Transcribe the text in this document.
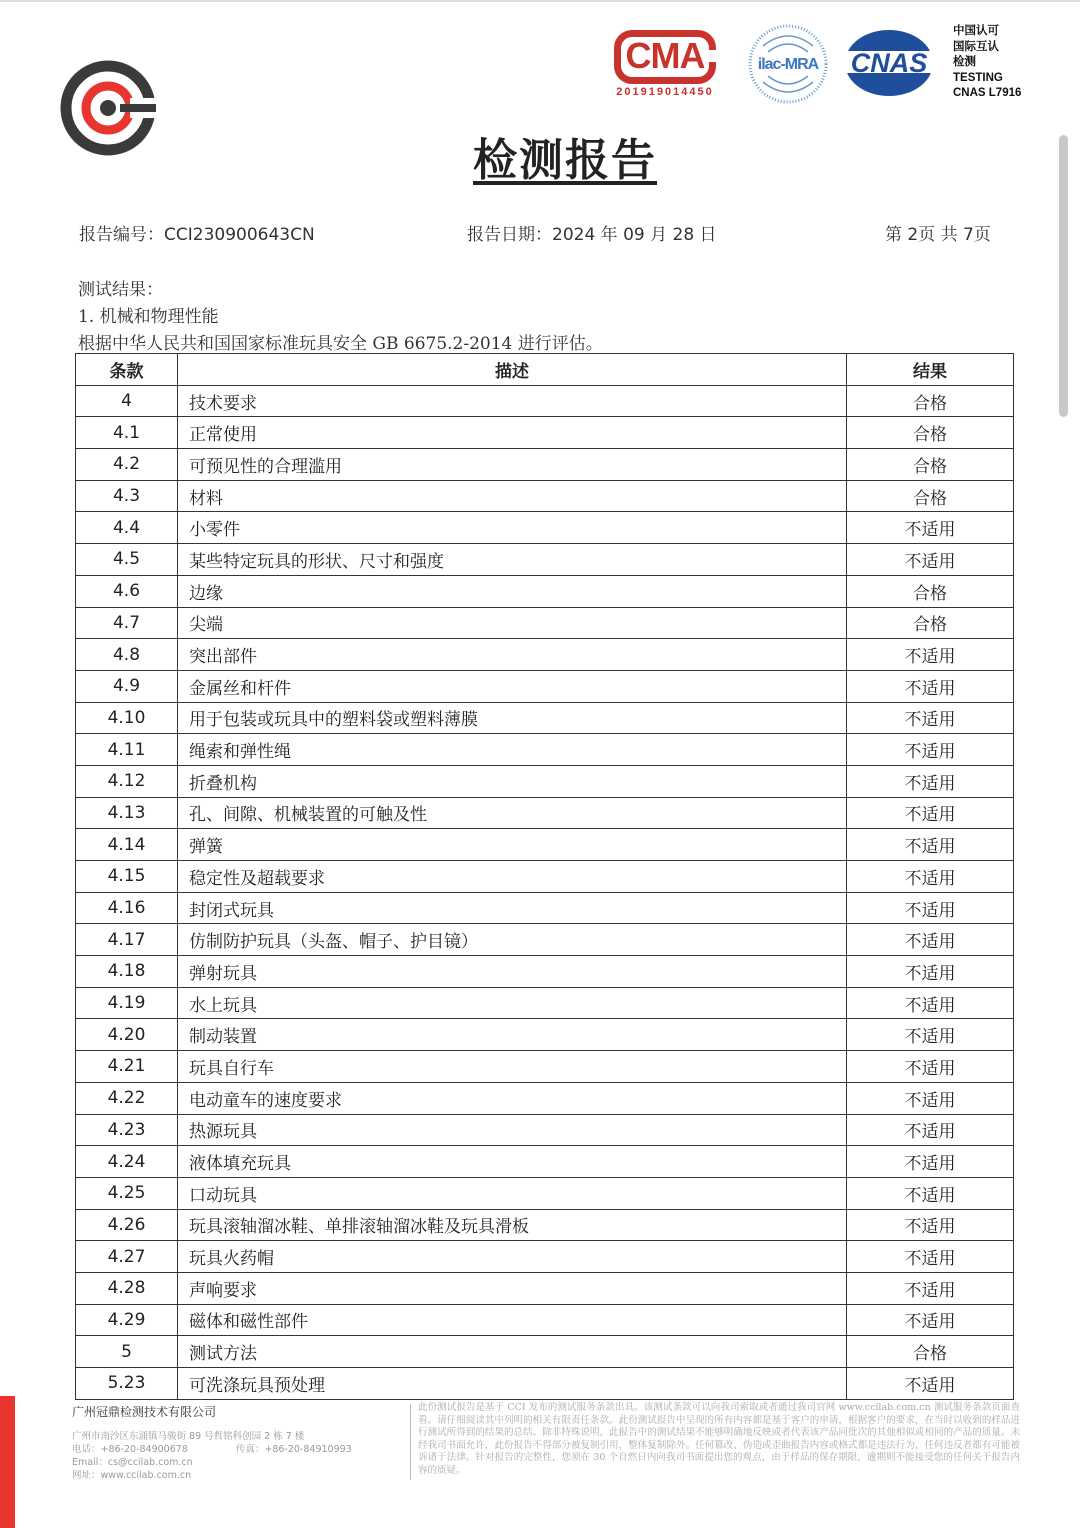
CMA
201919014450
ilac-MRA CNAS
中国认可
国际互认
检测
TESTING
CNAS L7916
检测报告
报告编号：CCI230900643CN	报告日期：2024 年 09 月 28 日	第 2页 共 7页
测试结果：
1. 机械和物理性能
根据中华人民共和国国家标准玩具安全 GB 6675.2-2014 进行评估。
条款	描述	结果
4	技术要求	合格
4.1	正常使用	合格
4.2	可预见性的合理滥用	合格
4.3	材料	合格
4.4	小零件	不适用
4.5	某些特定玩具的形状、尺寸和强度	不适用
4.6	边缘	合格
4.7	尖端	合格
4.8	突出部件	不适用
4.9	金属丝和杆件	不适用
4.10	用于包装或玩具中的塑料袋或塑料薄膜	不适用
4.11	绳索和弹性绳	不适用
4.12	折叠机构	不适用
4.13	孔、间隙、机械装置的可触及性	不适用
4.14	弹簧	不适用
4.15	稳定性及超载要求	不适用
4.16	封闭式玩具	不适用
4.17	仿制防护玩具（头盔、帽子、护目镜）	不适用
4.18	弹射玩具	不适用
4.19	水上玩具	不适用
4.20	制动装置	不适用
4.21	玩具自行车	不适用
4.22	电动童车的速度要求	不适用
4.23	热源玩具	不适用
4.24	液体填充玩具	不适用
4.25	口动玩具	不适用
4.26	玩具滚轴溜冰鞋、单排滚轴溜冰鞋及玩具滑板	不适用
4.27	玩具火药帽	不适用
4.28	声响要求	不适用
4.29	磁体和磁性部件	不适用
5	测试方法	合格
5.23	可洗涤玩具预处理	不适用
广州冠鼎检测技术有限公司
广州市南沙区东涌镇马骏街 89 号哲铭科创园 2 栋 7 楼
电话：+86-20-84900678	传真：+86-20-84910993
Email：cs@ccilab.com.cn
网址：www.ccilab.com.cn
此份测试报告是基于 CCI 发布的测试服务条款出具。该测试条款可以向我司索取或者通过我司官网 www.ccilab.com.cn 测试服务条款页面查看。请仔细阅读其中列明的相关有限责任条款。此份测试报告中呈现的所有内容都是基于客户的申请，根据客户的要求，在当时以收到的样品进行测试所得到的结果的总结。除非特殊说明，此报告中的测试结果不能够明确地反映或者代表该产品同批次的其他相似或相同的产品的质量。未经我司书面允许，此份报告不得部分被复制引用，整体复制除外。任何篡改、伪造或歪曲报告内容或格式都是违法行为，任何违反者都有可能被诉诸于法律。针对报告的完整性，您须在 30 个自然日内向我司书面提出您的观点，由于样品的保存期限，逾期则不能接受您的任何关于报告内容的质疑。
